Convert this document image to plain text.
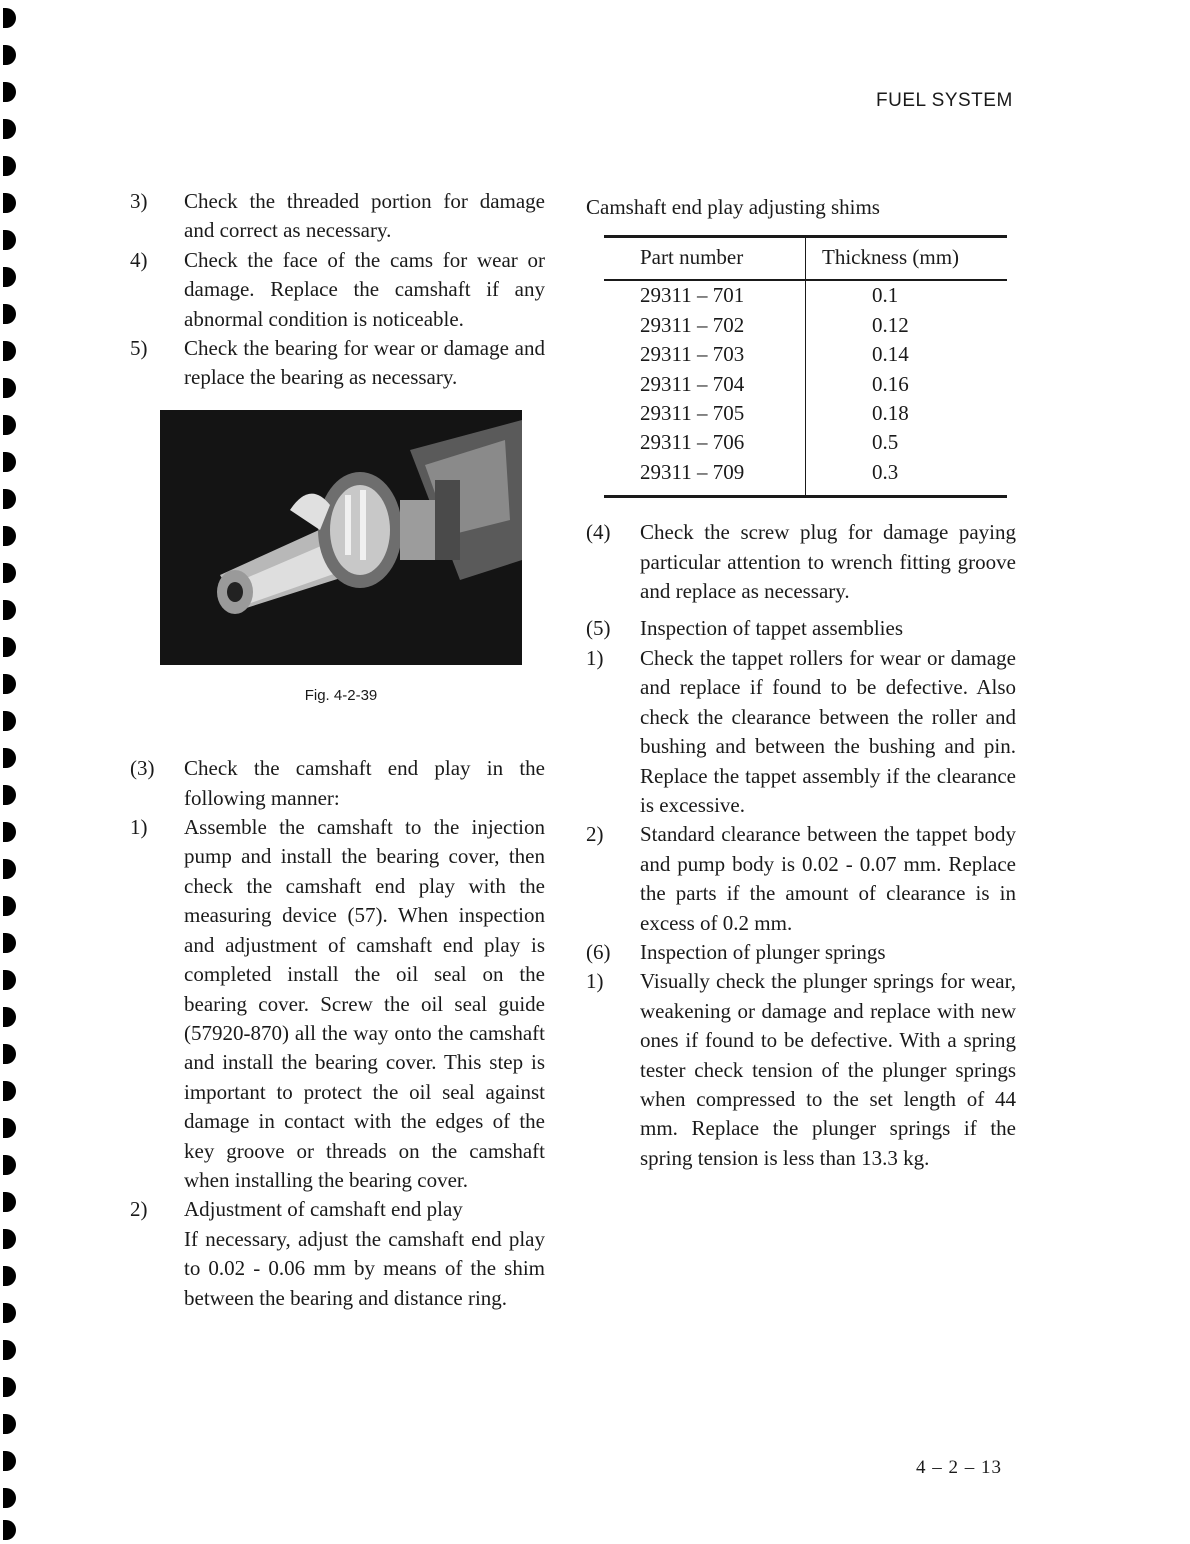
FUEL SYSTEM
3)	Check the threaded portion for damage and correct as necessary.
4)	Check the face of the cams for wear or damage. Replace the camshaft if any abnormal condition is noticeable.
5)	Check the bearing for wear or damage and replace the bearing as necessary.
Fig. 4-2-39
(3)	Check the camshaft end play in the following manner:
1)	Assemble the camshaft to the injection pump and install the bearing cover, then check the camshaft end play with the measuring device (57). When inspection and adjustment of camshaft end play is completed install the oil seal on the bearing cover. Screw the oil seal guide (57920-870) all the way onto the camshaft and install the bearing cover. This step is important to protect the oil seal against damage in contact with the edges of the key groove or threads on the camshaft when installing the bearing cover.
2)	Adjustment of camshaft end play
If necessary, adjust the camshaft end play to 0.02 - 0.06 mm by means of the shim between the bearing and distance ring.
Camshaft end play adjusting shims
Part number	Thickness (mm)
29311 – 701	0.1
29311 – 702	0.12
29311 – 703	0.14
29311 – 704	0.16
29311 – 705	0.18
29311 – 706	0.5
29311 – 709	0.3
(4)	Check the screw plug for damage paying particular attention to wrench fitting groove and replace as necessary.
(5)	Inspection of tappet assemblies
1)	Check the tappet rollers for wear or damage and replace if found to be defective. Also check the clearance between the roller and bushing and between the bushing and pin. Replace the tappet assembly if the clearance is excessive.
2)	Standard clearance between the tappet body and pump body is 0.02 - 0.07 mm. Replace the parts if the amount of clearance is in excess of 0.2 mm.
(6)	Inspection of plunger springs
1)	Visually check the plunger springs for wear, weakening or damage and replace with new ones if found to be defective. With a spring tester check tension of the plunger springs when compressed to the set length of 44 mm. Replace the plunger springs if the spring tension is less than 13.3 kg.
4 – 2 – 13
